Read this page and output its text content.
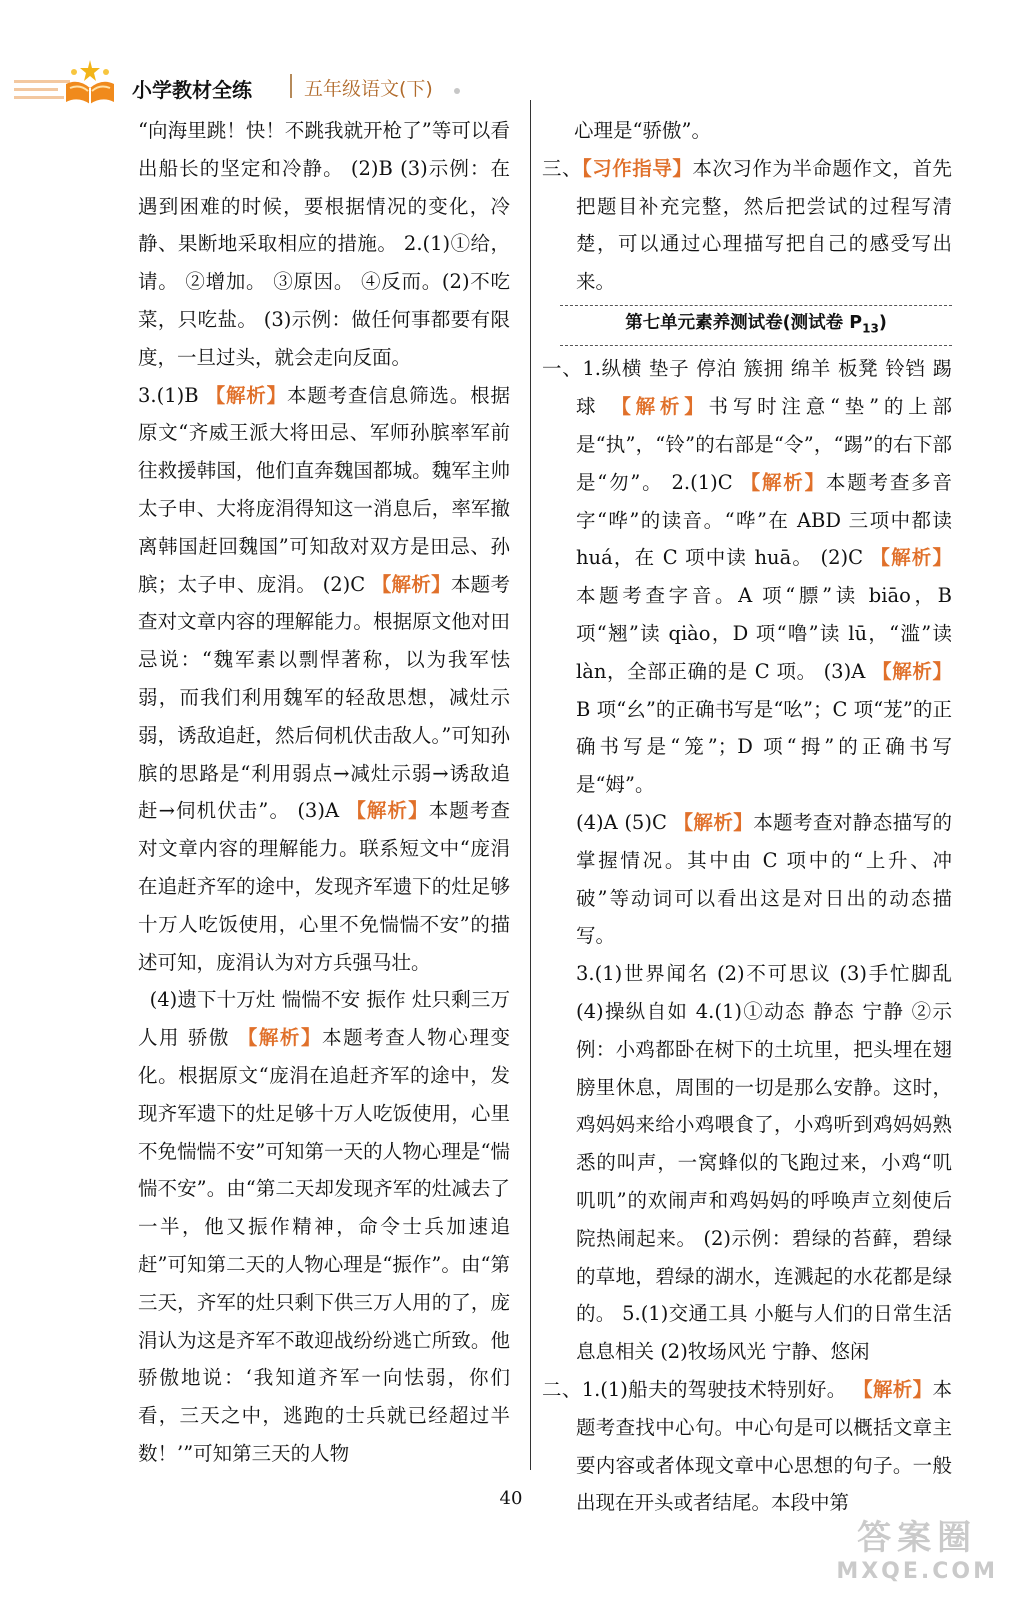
小学教材全练	五年级语文(下)

“向海里跳！快！不跳我就开枪了”等可以看出船长的坚定和冷静。 (2)B (3)示例：在遇到困难的时候，要根据情况的变化，冷静、果断地采取相应的措施。 2.(1)①给，请。 ②增加。 ③原因。 ④反而。(2)不吃菜，只吃盐。 (3)示例：做任何事都要有限度，一旦过头，就会走向反面。

3.(1)B 【解析】本题考查信息筛选。根据原文“齐威王派大将田忌、军师孙膑率军前往救援韩国，他们直奔魏国都城。魏军主帅太子申、大将庞涓得知这一消息后，率军撤离韩国赶回魏国”可知敌对双方是田忌、孙膑；太子申、庞涓。 (2)C 【解析】本题考查对文章内容的理解能力。根据原文他对田忌说：“魏军素以剽悍著称，以为我军怯弱，而我们利用魏军的轻敌思想，减灶示弱，诱敌追赶，然后伺机伏击敌人。”可知孙膑的思路是“利用弱点→减灶示弱→诱敌追赶→伺机伏击”。 (3)A 【解析】本题考查对文章内容的理解能力。联系短文中“庞涓在追赶齐军的途中，发现齐军遗下的灶足够十万人吃饭使用，心里不免惴惴不安”的描述可知，庞涓认为对方兵强马壮。

　(4)遗下十万灶 惴惴不安 振作 灶只剩三万人用 骄傲 【解析】本题考查人物心理变化。根据原文“庞涓在追赶齐军的途中，发现齐军遗下的灶足够十万人吃饭使用，心里不免惴惴不安”可知第一天的人物心理是“惴惴不安”。由“第二天却发现齐军的灶减去了一半，他又振作精神，命令士兵加速追赶”可知第二天的人物心理是“振作”。由“第三天，齐军的灶只剩下供三万人用的了，庞涓认为这是齐军不敢迎战纷纷逃亡所致。他骄傲地说：‘我知道齐军一向怯弱，你们看，三天之中，逃跑的士兵就已经超过半数！’”可知第三天的人物

心理是“骄傲”。

三、【习作指导】本次习作为半命题作文，首先把题目补充完整，然后把尝试的过程写清楚，可以通过心理描写把自己的感受写出来。

第七单元素养测试卷(测试卷 $P_{13}$)

一、1.纵横 垫子 停泊 簇拥 绵羊 板凳 铃铛 踢球 【解析】书写时注意“垫”的上部是“执”，“铃”的右部是“令”，“踢”的右下部是“勿”。 2.(1)C 【解析】本题考查多音字“哗”的读音。“哗”在 ABD 三项中都读 huá，在 C 项中读 huā。 (2)C 【解析】本题考查字音。A 项“膘”读 biāo，B 项“翘”读 qiào，D 项“噜”读 lū，“滥”读 làn，全部正确的是 C 项。 (3)A 【解析】B 项“幺”的正确书写是“吆”；C 项“茏”的正确书写是“笼”；D 项“拇”的正确书写是“姆”。

(4)A (5)C 【解析】本题考查对静态描写的掌握情况。其中由 C 项中的“上升、冲破”等动词可以看出这是对日出的动态描写。

3.(1)世界闻名 (2)不可思议 (3)手忙脚乱 (4)操纵自如 4.(1)①动态 静态 宁静 ②示例：小鸡都卧在树下的土坑里，把头埋在翅膀里休息，周围的一切是那么安静。这时，鸡妈妈来给小鸡喂食了，小鸡听到鸡妈妈熟悉的叫声，一窝蜂似的飞跑过来，小鸡“叽叽叽”的欢闹声和鸡妈妈的呼唤声立刻使后院热闹起来。 (2)示例：碧绿的苔藓，碧绿的草地，碧绿的湖水，连溅起的水花都是绿的。 5.(1)交通工具 小艇与人们的日常生活息息相关 (2)牧场风光 宁静、悠闲

二、1.(1)船夫的驾驶技术特别好。 【解析】本题考查找中心句。中心句是可以概括文章主要内容或者体现文章中心思想的句子。一般出现在开头或者结尾。本段中第

40
答案圈
MXQE.COM
